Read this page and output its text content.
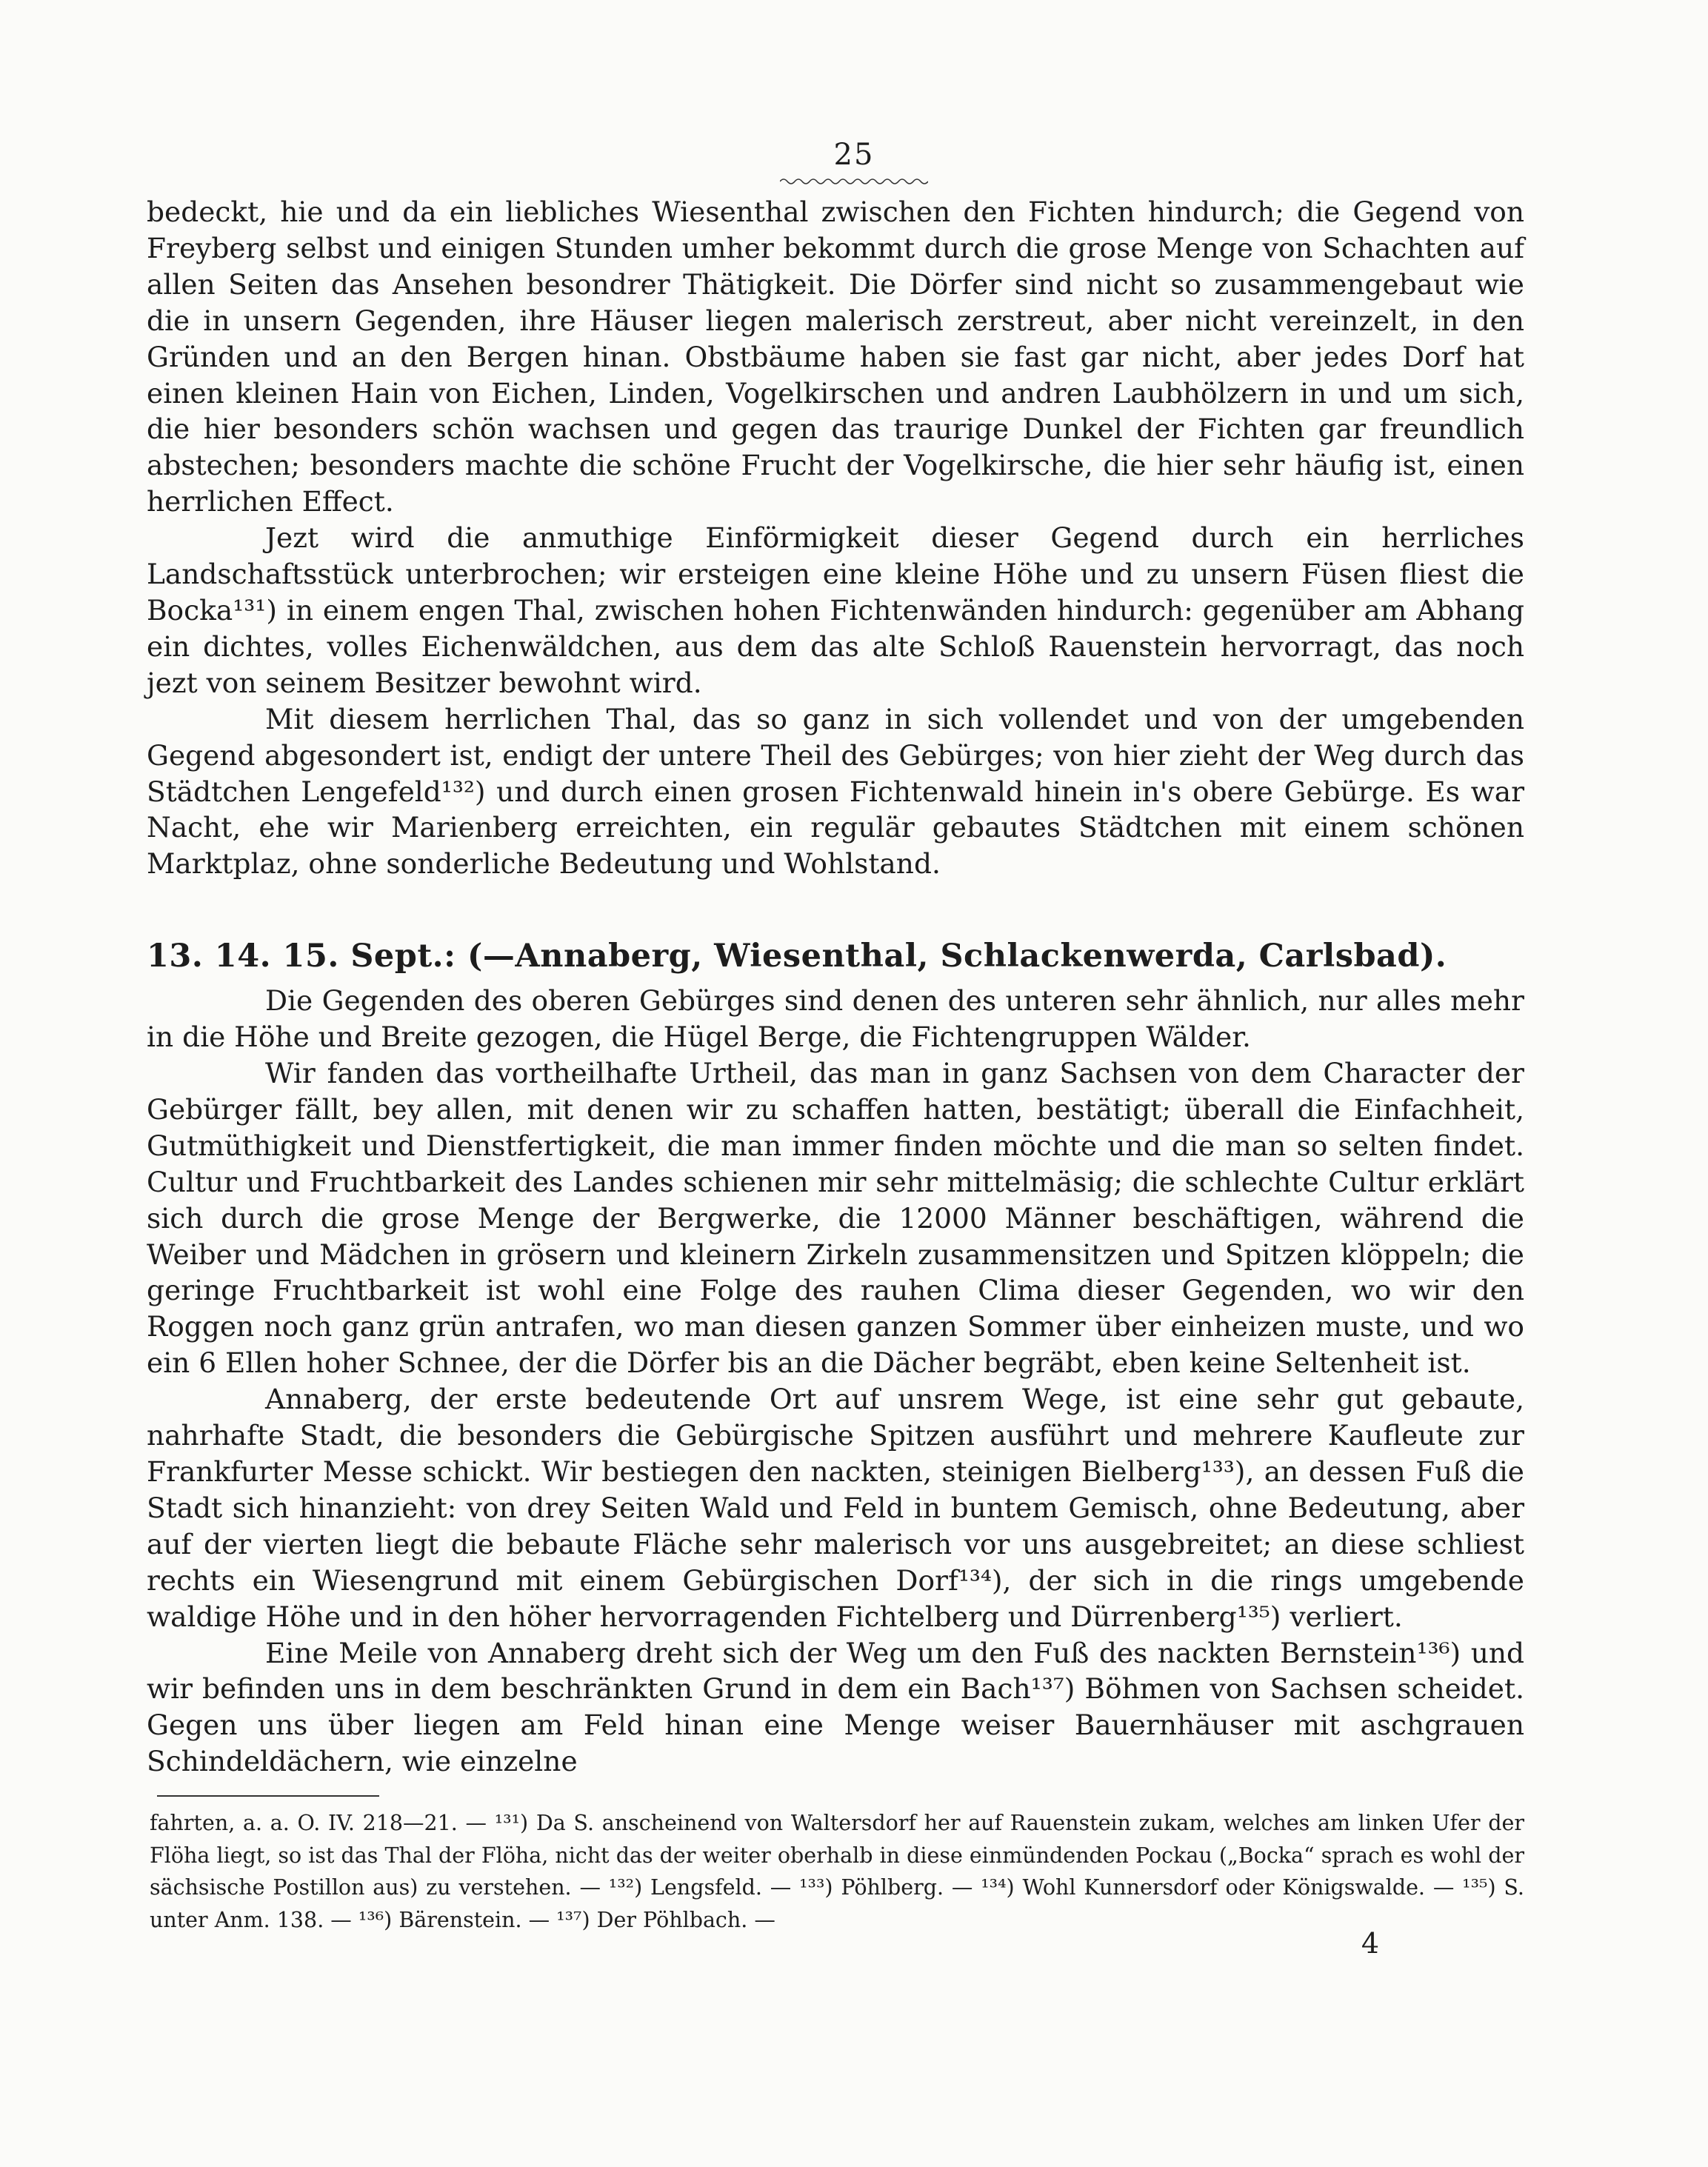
25

bedeckt, hie und da ein liebliches Wiesenthal zwischen den Fichten hindurch; die Gegend von Freyberg selbst und einigen Stunden umher bekommt durch die grose Menge von Schachten auf allen Seiten das Ansehen besondrer Thätigkeit. Die Dörfer sind nicht so zusammengebaut wie die in unsern Gegenden, ihre Häuser liegen malerisch zerstreut, aber nicht vereinzelt, in den Gründen und an den Bergen hinan. Obstbäume haben sie fast gar nicht, aber jedes Dorf hat einen kleinen Hain von Eichen, Linden, Vogelkirschen und andren Laubhölzern in und um sich, die hier besonders schön wachsen und gegen das traurige Dunkel der Fichten gar freundlich abstechen; besonders machte die schöne Frucht der Vogelkirsche, die hier sehr häufig ist, einen herrlichen Effect.

Jezt wird die anmuthige Einförmigkeit dieser Gegend durch ein herrliches Landschaftsstück unterbrochen; wir ersteigen eine kleine Höhe und zu unsern Füsen fliest die Bocka¹³¹) in einem engen Thal, zwischen hohen Fichtenwänden hindurch: gegenüber am Abhang ein dichtes, volles Eichenwäldchen, aus dem das alte Schloß Rauenstein hervorragt, das noch jezt von seinem Besitzer bewohnt wird.

Mit diesem herrlichen Thal, das so ganz in sich vollendet und von der umgebenden Gegend abgesondert ist, endigt der untere Theil des Gebürges; von hier zieht der Weg durch das Städtchen Lengefeld¹³²) und durch einen grosen Fichtenwald hinein in's obere Gebürge. Es war Nacht, ehe wir Marienberg erreichten, ein regulär gebautes Städtchen mit einem schönen Marktplaz, ohne sonderliche Bedeutung und Wohlstand.

13. 14. 15. Sept.: (—Annaberg, Wiesenthal, Schlackenwerda, Carlsbad).

Die Gegenden des oberen Gebürges sind denen des unteren sehr ähnlich, nur alles mehr in die Höhe und Breite gezogen, die Hügel Berge, die Fichtengruppen Wälder.

Wir fanden das vortheilhafte Urtheil, das man in ganz Sachsen von dem Character der Gebürger fällt, bey allen, mit denen wir zu schaffen hatten, bestätigt; überall die Einfachheit, Gutmüthigkeit und Dienstfertigkeit, die man immer finden möchte und die man so selten findet. Cultur und Fruchtbarkeit des Landes schienen mir sehr mittelmäsig; die schlechte Cultur erklärt sich durch die grose Menge der Bergwerke, die 12000 Männer beschäftigen, während die Weiber und Mädchen in grösern und kleinern Zirkeln zusammensitzen und Spitzen klöppeln; die geringe Fruchtbarkeit ist wohl eine Folge des rauhen Clima dieser Gegenden, wo wir den Roggen noch ganz grün antrafen, wo man diesen ganzen Sommer über einheizen muste, und wo ein 6 Ellen hoher Schnee, der die Dörfer bis an die Dächer begräbt, eben keine Seltenheit ist.

Annaberg, der erste bedeutende Ort auf unsrem Wege, ist eine sehr gut gebaute, nahrhafte Stadt, die besonders die Gebürgische Spitzen ausführt und mehrere Kaufleute zur Frankfurter Messe schickt. Wir bestiegen den nackten, steinigen Bielberg¹³³), an dessen Fuß die Stadt sich hinanzieht: von drey Seiten Wald und Feld in buntem Gemisch, ohne Bedeutung, aber auf der vierten liegt die bebaute Fläche sehr malerisch vor uns ausgebreitet; an diese schliest rechts ein Wiesengrund mit einem Gebürgischen Dorf¹³⁴), der sich in die rings umgebende waldige Höhe und in den höher hervorragenden Fichtelberg und Dürrenberg¹³⁵) verliert.

Eine Meile von Annaberg dreht sich der Weg um den Fuß des nackten Bernstein¹³⁶) und wir befinden uns in dem beschränkten Grund in dem ein Bach¹³⁷) Böhmen von Sachsen scheidet. Gegen uns über liegen am Feld hinan eine Menge weiser Bauernhäuser mit aschgrauen Schindeldächern, wie einzelne

fahrten, a. a. O. IV. 218—21. — ¹³¹) Da S. anscheinend von Waltersdorf her auf Rauenstein zukam, welches am linken Ufer der Flöha liegt, so ist das Thal der Flöha, nicht das der weiter oberhalb in diese einmündenden Pockau („Bocka“ sprach es wohl der sächsische Postillon aus) zu verstehen. — ¹³²) Lengsfeld. — ¹³³) Pöhlberg. — ¹³⁴) Wohl Kunnersdorf oder Königswalde. — ¹³⁵) S. unter Anm. 138. — ¹³⁶) Bärenstein. — ¹³⁷) Der Pöhlbach. —
4
